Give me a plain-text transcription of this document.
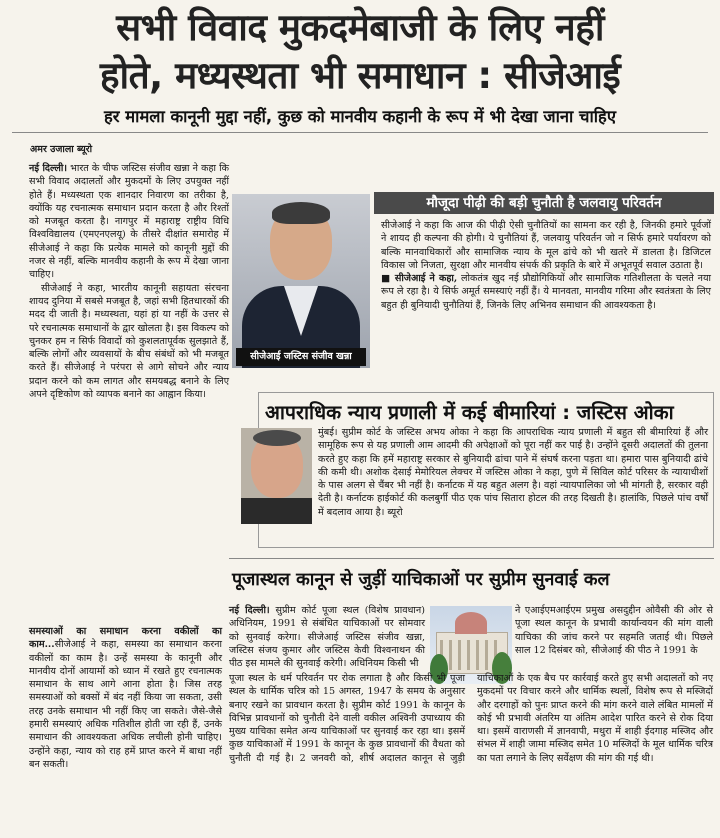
सभी विवाद मुकदमेबाजी के लिए नहीं
होते, मध्यस्थता भी समाधान : सीजेआई
हर मामला कानूनी मुद्दा नहीं, कुछ को मानवीय कहानी के रूप में भी देखा जाना चाहिए
अमर उजाला ब्यूरो

नई दिल्ली। भारत के चीफ जस्टिस संजीव खन्ना ने कहा कि सभी विवाद अदालतों और मुकदमों के लिए उपयुक्त नहीं होते हैं। मध्यस्थता एक शानदार निवारण का तरीका है, क्योंकि यह रचनात्मक समाधान प्रदान करता है और रिश्तों को मजबूत करता है। नागपुर में महाराष्ट्र राष्ट्रीय विधि विश्वविद्यालय (एमएनएलयू) के तीसरे दीक्षांत समारोह में सीजेआई ने कहा कि प्रत्येक मामले को कानूनी मुद्दों की नजर से नहीं, बल्कि मानवीय कहानी के रूप में देखा जाना चाहिए।

सीजेआई ने कहा, भारतीय कानूनी सहायता संरचना शायद दुनिया में सबसे मजबूत है, जहां सभी हितधारकों की मदद दी जाती है। मध्यस्थता, यहां हां या नहीं के उत्तर से परे रचनात्मक समाधानों के द्वार खोलता है। इस विकल्प को चुनकर हम न सिर्फ विवादों को कुशलतापूर्वक सुलझाते हैं, बल्कि लोगों और व्यवसायों के बीच संबंधों को भी मजबूत करते हैं। सीजेआई ने परंपरा से आगे सोचने और न्याय प्रदान करने को कम लागत और समयबद्ध बनाने के लिए अपने दृष्टिकोण को व्यापक बनाने का आह्वान किया।

समस्याओं का समाधान करना वकीलों का काम...सीजेआई ने कहा, समस्या का समाधान करना वकीलों का काम है। उन्हें समस्या के कानूनी और मानवीय दोनों आयामों को ध्यान में रखते हुए रचनात्मक समाधान के साथ आगे आना होता है। जिस तरह समस्याओं को बक्सों में बंद नहीं किया जा सकता, उसी तरह उनके समाधान भी नहीं किए जा सकते। जैसे-जैसे हमारी समस्याएं अधिक गतिशील होती जा रही हैं, उनके समाधान की आवश्यकता अधिक लचीली होनी चाहिए। उन्होंने कहा, न्याय को राह हमें प्राप्त करने में बाधा नहीं बन सकती।

सीजेआई जस्टिस संजीव खन्ना
मौजूदा पीढ़ी की बड़ी चुनौती है जलवायु परिवर्तन

सीजेआई ने कहा कि आज की पीढ़ी ऐसी चुनौतियों का सामना कर रही है, जिनकी हमारे पूर्वजों ने शायद ही कल्पना की होगी। ये चुनौतियां हैं, जलवायु परिवर्तन जो न सिर्फ हमारे पर्यावरण को बल्कि मानवाधिकारों और सामाजिक न्याय के मूल ढांचे को भी खतरे में डालता है। डिजिटल विकास जो निजता, सुरक्षा और मानवीय संपर्क की प्रकृति के बारे में अभूतपूर्व सवाल उठाता है।

■ सीजेआई ने कहा, लोकतंत्र खुद नई प्रौद्योगिकियों और सामाजिक गतिशीलता के चलते नया रूप ले रहा है। ये सिर्फ अमूर्त समस्याएं नहीं हैं। ये मानवता, मानवीय गरिमा और स्वतंत्रता के लिए बहुत ही बुनियादी चुनौतियां हैं, जिनके लिए अभिनव समाधान की आवश्यकता है।

आपराधिक न्याय प्रणाली में कई बीमारियां : जस्टिस ओका

मुंबई। सुप्रीम कोर्ट के जस्टिस अभय ओका ने कहा कि आपराधिक न्याय प्रणाली में बहुत सी बीमारियां हैं और सामूहिक रूप से यह प्रणाली आम आदमी की अपेक्षाओं को पूरा नहीं कर पाई है। उन्होंने दूसरी अदालतों की तुलना करते हुए कहा कि हमें महाराष्ट्र सरकार से बुनियादी ढांचा पाने में संघर्ष करना पड़ता था। हमारा पास बुनियादी ढांचे की कमी थी। अशोक देसाई मेमोरियल लेक्चर में जस्टिस ओका ने कहा, पुणे में सिविल कोर्ट परिसर के न्यायाधीशों के पास अलग से चैंबर भी नहीं है। कर्नाटक में यह बहुत अलग है। वहां न्यायपालिका जो भी मांगती है, सरकार वही देती है। कर्नाटक हाईकोर्ट की कलबुर्गी पीठ एक पांच सितारा होटल की तरह दिखती है। हालांकि, पिछले पांच वर्षों में बदलाव आया है। ब्यूरो

पूजास्थल कानून से जुड़ीं याचिकाओं पर सुप्रीम सुनवाई कल

नई दिल्ली। सुप्रीम कोर्ट पूजा स्थल (विशेष प्रावधान) अधिनियम, 1991 से संबंधित याचिकाओं पर सोमवार को सुनवाई करेगा। सीजेआई जस्टिस संजीव खन्ना, जस्टिस संजय कुमार और जस्टिस केवी विश्वनाथन की पीठ इस मामले की सुनवाई करेगी। अधिनियम किसी भी

ने एआईएमआईएम प्रमुख असदुद्दीन ओवैसी की ओर से पूजा स्थल कानून के प्रभावी कार्यान्वयन की मांग वाली याचिका की जांच करने पर सहमति जताई थी। पिछले साल 12 दिसंबर को, सीजेआई की पीठ ने 1991 के

पूजा स्थल के धर्म परिवर्तन पर रोक लगाता है और किसी भी पूजा स्थल के धार्मिक चरित्र को 15 अगस्त, 1947 के समय के अनुसार बनाए रखने का प्रावधान करता है। सुप्रीम कोर्ट 1991 के कानून के विभिन्न प्रावधानों को चुनौती देने वाली वकील अश्विनी उपाध्याय की मुख्य याचिका समेत अन्य याचिकाओं पर सुनवाई कर रहा था। इसमें कुछ याचिकाओं में 1991 के कानून के कुछ प्रावधानों की वैधता को चुनौती दी गई है। 2 जनवरी को, शीर्ष अदालत कानून से जुड़ी याचिकाओं के एक बैच पर कार्रवाई करते हुए सभी अदालतों को नए मुकदमों पर विचार करने और धार्मिक स्थलों, विशेष रूप से मस्जिदों और दरगाहों को पुनः प्राप्त करने की मांग करने वाले लंबित मामलों में कोई भी प्रभावी अंतरिम या अंतिम आदेश पारित करने से रोक दिया था। इसमें वाराणसी में ज्ञानवापी, मथुरा में शाही ईदगाह मस्जिद और संभल में शाही जामा मस्जिद समेत 10 मस्जिदों के मूल धार्मिक चरित्र का पता लगाने के लिए सर्वेक्षण की मांग की गई थी।
